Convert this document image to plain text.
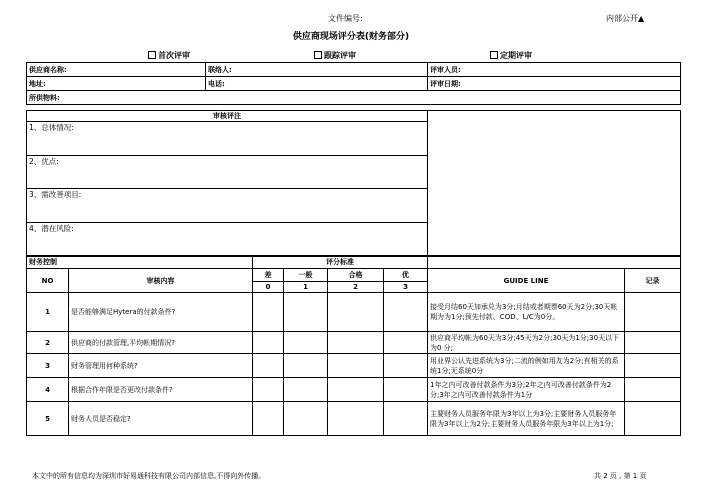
文件编号:	内部公开▲
供应商现场评分表(财务部分)
首次评审	跟踪评审	定期评审
供应商名称:	联络人:	评审人员:
地址:	电话:	评审日期:
所供物料:		
审核评注	
1、总体情况:
2、优点:
3、需改善项目:
4、潜在风险:
财务控制		评分标准					
NO	审核内容	差	一般	合格	优	GUIDE LINE	记录
		0	1	2	3		
1	是否能够满足Hytera的付款条件?					接受月结60天加承兑为3分;月结或者期票60天为2分;30天帐期为为1分;预先付款、COD、L/C为0分。	
2	供应商的付款管理,平均帐期情况?					供应商平均帐为60天为3分;45天为2分;30天为1分;30天以下为0 分;	
3	财务管理用何种系统?					用业界公认先进系统为3分;二流的例如用友为2分;有相关的系统1分;无系统0分	
4	根据合作年限是否更改付款条件?					1年之内可改善付款条件为3分;2年之内可改善付款条件为2分;3年之内可改善付款条件为1分	
5	财务人员是否稳定?					主要财务人员服务年限为3年以上为3分;主要财务人员服务年限为3年以上为2分;主要财务人员服务年限为3年以上为1分;	
本文中的所有信息均为深圳市好易通科技有限公司内部信息,不得向外传播。	共 2 页 , 第 1 页
